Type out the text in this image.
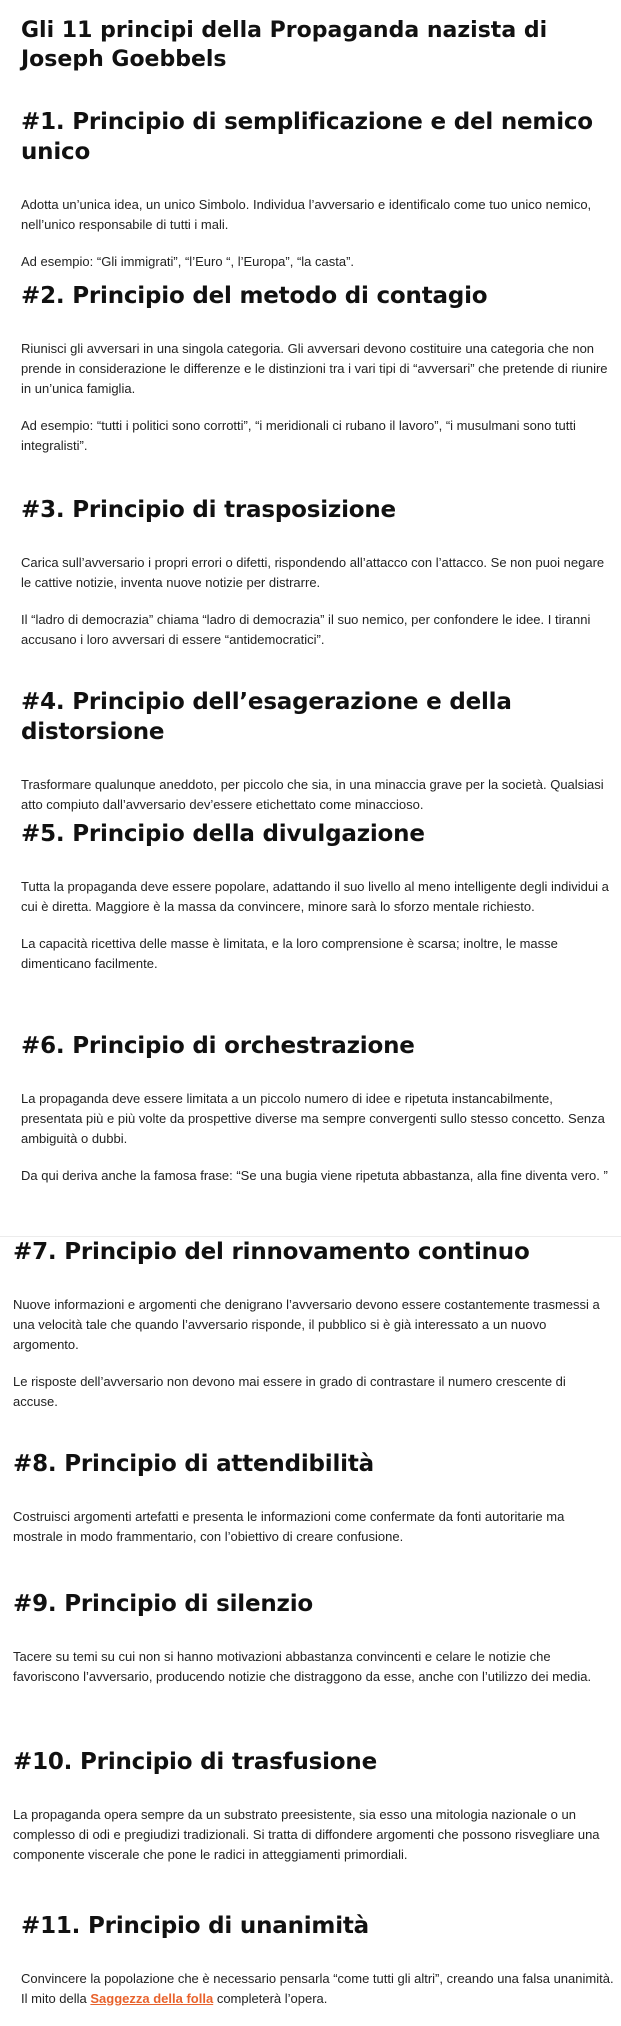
Gli 11 principi della Propaganda nazista di Joseph Goebbels
#1. Principio di semplificazione e del nemico unico

Adotta un’unica idea, un unico Simbolo. Individua l’avversario e identificalo come tuo unico nemico, nell’unico responsabile di tutti i mali.

Ad esempio: “Gli immigrati”, “l’Euro “, l’Europa”, “la casta”.

#2. Principio del metodo di contagio

Riunisci gli avversari in una singola categoria. Gli avversari devono costituire una categoria che non prende in considerazione le differenze e le distinzioni tra i vari tipi di “avversari” che pretende di riunire in un’unica famiglia.

Ad esempio: “tutti i politici sono corrotti”, “i meridionali ci rubano il lavoro”, “i musulmani sono tutti integralisti”.

#3. Principio di trasposizione

Carica sull’avversario i propri errori o difetti, rispondendo all’attacco con l’attacco. Se non puoi negare le cattive notizie, inventa nuove notizie per distrarre.

Il “ladro di democrazia” chiama “ladro di democrazia” il suo nemico, per confondere le idee. I tiranni accusano i loro avversari di essere “antidemocratici”.

#4. Principio dell’esagerazione e della distorsione

Trasformare qualunque aneddoto, per piccolo che sia, in una minaccia grave per la società. Qualsiasi atto compiuto dall’avversario dev’essere etichettato come minaccioso.

#5. Principio della divulgazione

Tutta la propaganda deve essere popolare, adattando il suo livello al meno intelligente degli individui a cui è diretta. Maggiore è la massa da convincere, minore sarà lo sforzo mentale richiesto.

La capacità ricettiva delle masse è limitata, e la loro comprensione è scarsa; inoltre, le masse dimenticano facilmente.

#6. Principio di orchestrazione

La propaganda deve essere limitata a un piccolo numero di idee e ripetuta instancabilmente, presentata più e più volte da prospettive diverse ma sempre convergenti sullo stesso concetto. Senza ambiguità o dubbi.

Da qui deriva anche la famosa frase: “Se una bugia viene ripetuta abbastanza, alla fine diventa vero. ”

#7. Principio del rinnovamento continuo

Nuove informazioni e argomenti che denigrano l’avversario devono essere costantemente trasmessi a una velocità tale che quando l’avversario risponde, il pubblico si è già interessato a un nuovo argomento.

Le risposte dell’avversario non devono mai essere in grado di contrastare il numero crescente di accuse.

#8. Principio di attendibilità

Costruisci argomenti artefatti e presenta le informazioni come confermate da fonti autoritarie ma mostrale in modo frammentario, con l’obiettivo di creare confusione.

#9. Principio di silenzio

Tacere su temi su cui non si hanno motivazioni abbastanza convincenti e celare le notizie che favoriscono l’avversario, producendo notizie che distraggono da esse, anche con l’utilizzo dei media.

#10. Principio di trasfusione

La propaganda opera sempre da un substrato preesistente, sia esso una mitologia nazionale o un complesso di odi e pregiudizi tradizionali. Si tratta di diffondere argomenti che possono risvegliare una componente viscerale che pone le radici in atteggiamenti primordiali.

#11. Principio di unanimità

Convincere la popolazione che è necessario pensarla “come tutti gli altri”, creando una falsa unanimità. Il mito della Saggezza della folla completerà l’opera.
